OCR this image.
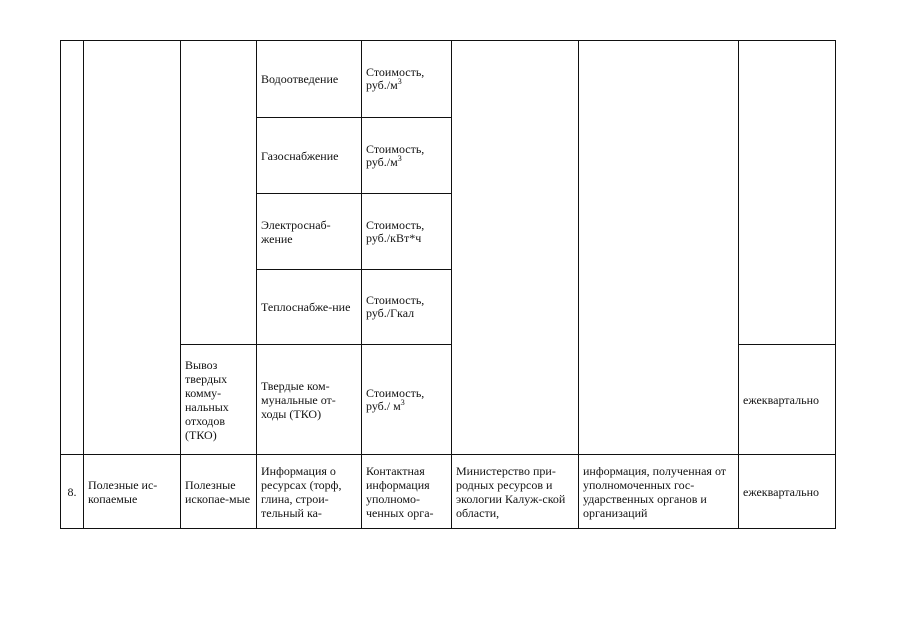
			Водоотведение	Стоимость,
$руб./м^3$

			Газоснабжение	Стоимость,
$руб./м^3$

			Электроснаб-жение	Стоимость,
руб./кВт*ч			

			Теплоснабже-ние	Стоимость,
руб./Гкал			

		Вывоз твердых комму-нальных отходов (ТКО)	Твердые ком-мунальные от-ходы (ТКО)	Стоимость,
руб./ $м^3$			ежеквартально
8.	Полезные ис-копаемые	Полезные ископае-мые	Информация о ресурсах (торф, глина, строи-тельный ка-	Контактная информация уполномо-ченных орга-	Министерство при-родных ресурсов и экологии Калуж-ской области,	информация, полученная от уполномоченных гос-ударственных органов и организаций	ежеквартально
